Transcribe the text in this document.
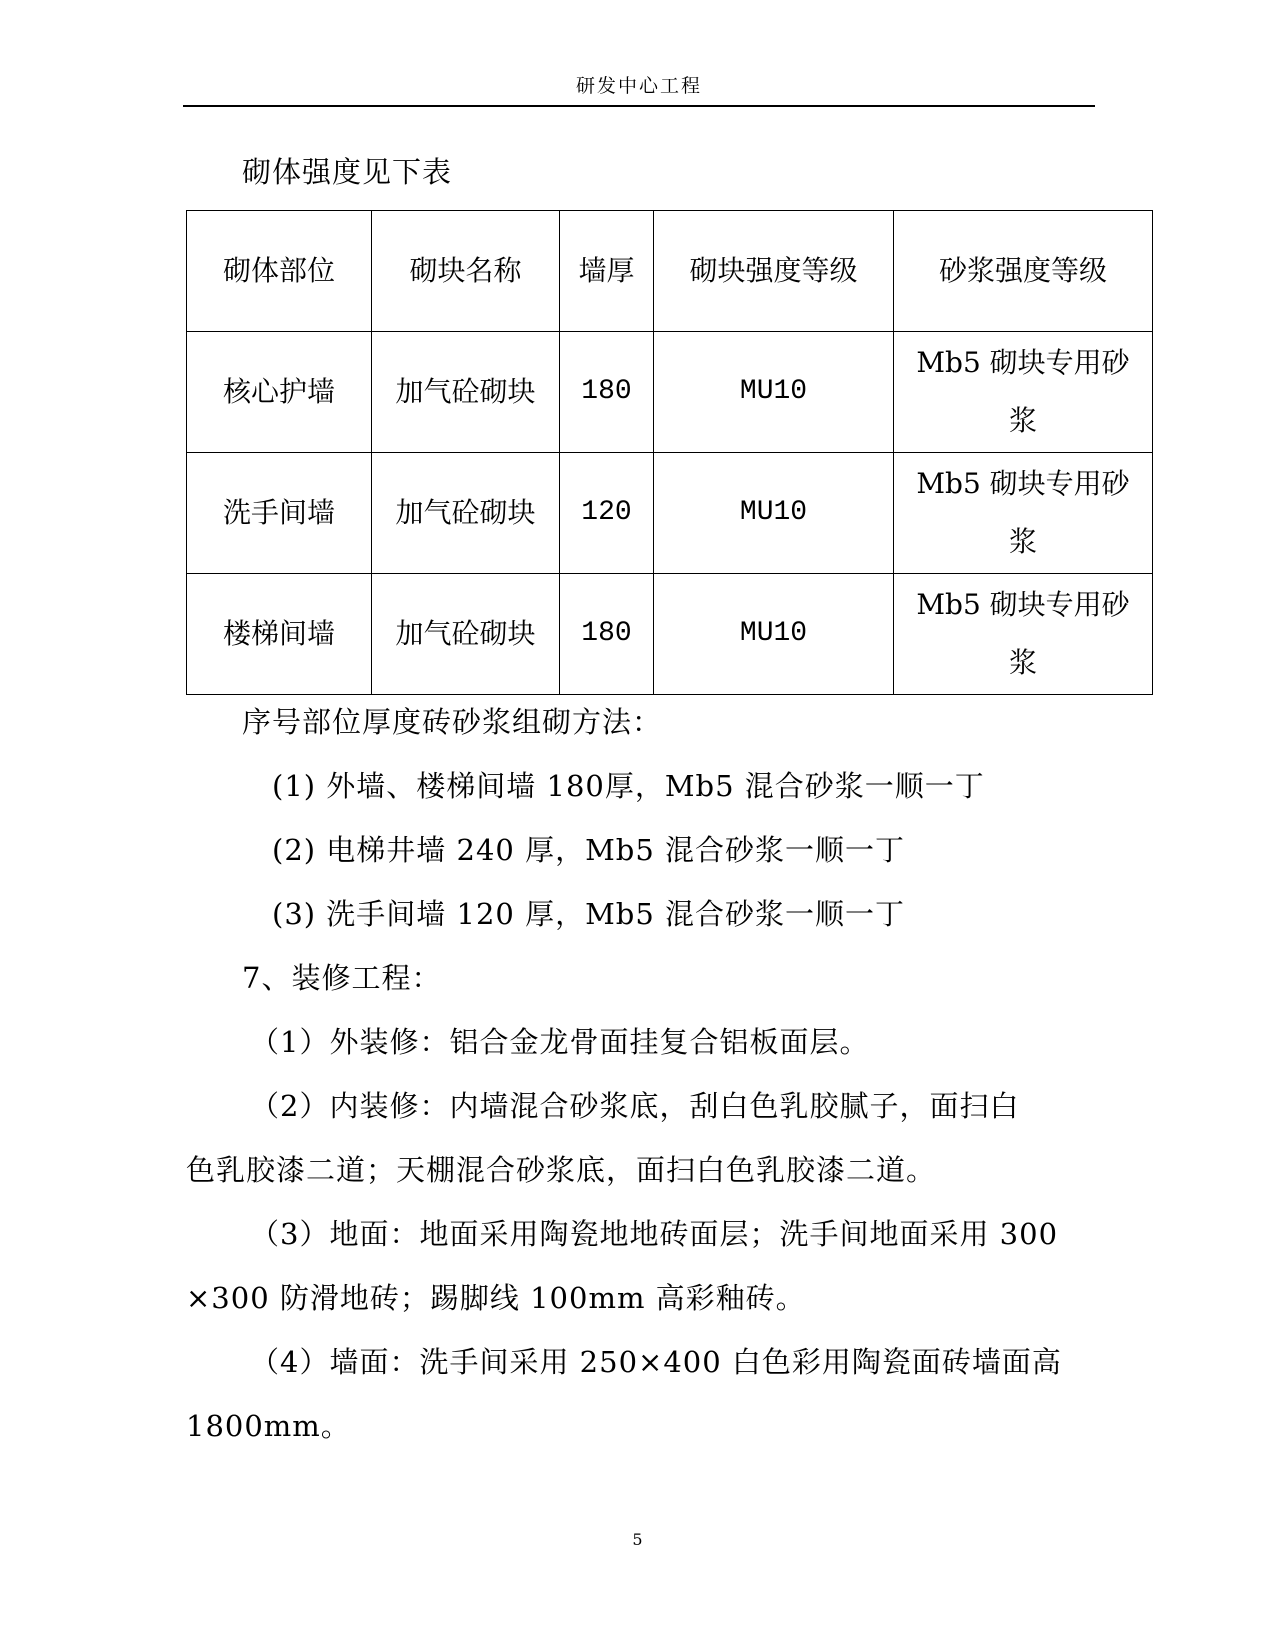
研发中心工程
砌体强度见下表
砌体部位	砌块名称	墙厚	砌块强度等级	砂浆强度等级
核心护墙	加气砼砌块	180	MU10	Mb5 砌块专用砂浆
洗手间墙	加气砼砌块	120	MU10	Mb5 砌块专用砂浆
楼梯间墙	加气砼砌块	180	MU10	Mb5 砌块专用砂浆
序号部位厚度砖砂浆组砌方法：
(1) 外墙、楼梯间墙 180厚，Mb5 混合砂浆一顺一丁
(2) 电梯井墙 240 厚，Mb5 混合砂浆一顺一丁
(3) 洗手间墙 120 厚，Mb5 混合砂浆一顺一丁
7、装修工程：
（1）外装修：铝合金龙骨面挂复合铝板面层。
（2）内装修：内墙混合砂浆底，刮白色乳胶腻子，面扫白
色乳胶漆二道；天棚混合砂浆底，面扫白色乳胶漆二道。
（3）地面：地面采用陶瓷地地砖面层；洗手间地面采用 300
×300 防滑地砖；踢脚线 100mm 高彩釉砖。
（4）墙面：洗手间采用 250×400 白色彩用陶瓷面砖墙面高
1800mm。
5
